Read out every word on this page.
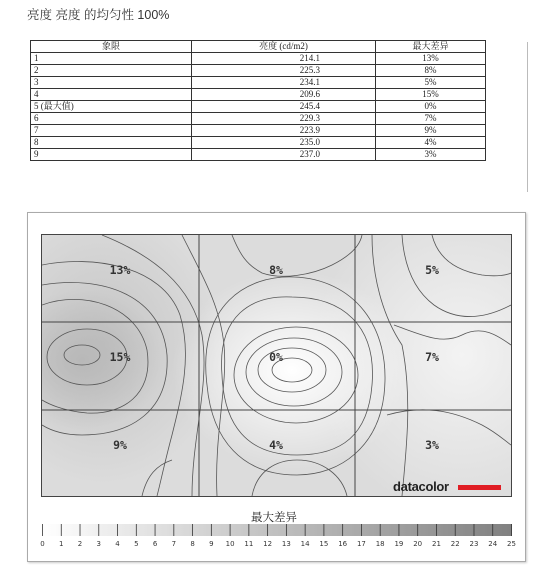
亮度 亮度 的均匀性 100%
象限	亮度 (cd/m2)	最大差异
1	214.1	13%
2	225.3	8%
3	234.1	5%
4	209.6	15%
5 (最大值)	245.4	0%
6	229.3	7%
7	223.9	9%
8	235.0	4%
9	237.0	3%
13%	8%	5%
15%	0%	7%
9%	4%	3%
datacolor
最大差异
0 1 2 3 4 5 6 7 8 9 10 11 12 13 14 15 16 17 18 19 20 21 22 23 24 25
